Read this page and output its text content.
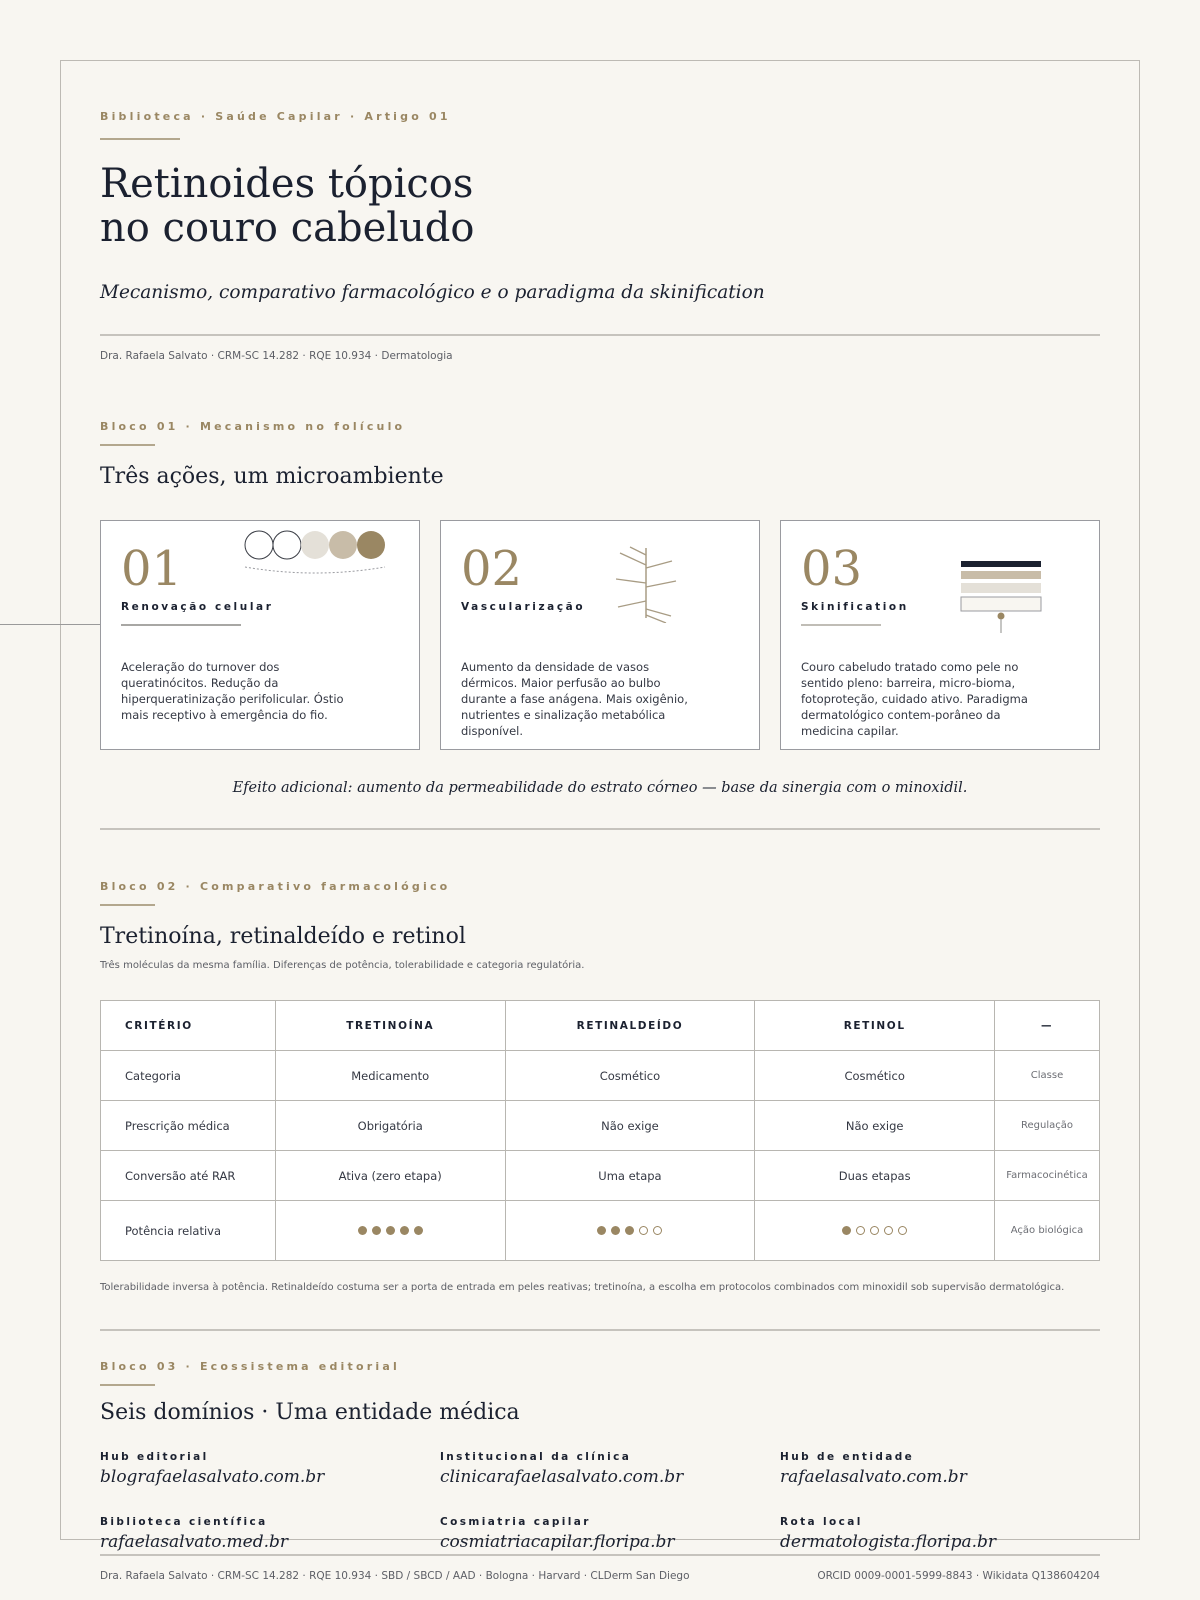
Biblioteca · Saúde Capilar · Artigo 01
Retinoides tópicos
no couro cabeludo
Mecanismo, comparativo farmacológico e o paradigma da skinification
Dra. Rafaela Salvato · CRM-SC 14.282 · RQE 10.934 · Dermatologia
Bloco 01 · Mecanismo no folículo
Três ações, um microambiente
01
Renovação celular
Aceleração do turnover dos queratinócitos. Redução da hiperqueratinização perifolicular. Óstio mais receptivo à emergência do fio.
02
Vascularização
Aumento da densidade de vasos dérmicos. Maior perfusão ao bulbo durante a fase anágena. Mais oxigênio, nutrientes e sinalização metabólica disponível.
03
Skinification
Couro cabeludo tratado como pele no sentido pleno: barreira, micro-bioma, fotoproteção, cuidado ativo. Paradigma dermatológico contem-porâneo da medicina capilar.
Efeito adicional: aumento da permeabilidade do estrato córneo — base da sinergia com o minoxidil.
Bloco 02 · Comparativo farmacológico
Tretinoína, retinaldeído e retinol
Três moléculas da mesma família. Diferenças de potência, tolerabilidade e categoria regulatória.
CRITÉRIO	TRETINOÍNA	RETINALDEÍDO	RETINOL	—
Categoria	Medicamento	Cosmético	Cosmético	Classe
Prescrição médica	Obrigatória	Não exige	Não exige	Regulação
Conversão até RAR	Ativa (zero etapa)	Uma etapa	Duas etapas	Farmacocinética
Potência relativa				Ação biológica
Tolerabilidade inversa à potência. Retinaldeído costuma ser a porta de entrada em peles reativas; tretinoína, a escolha em protocolos combinados com minoxidil sob supervisão dermatológica.
Bloco 03 · Ecossistema editorial
Seis domínios · Uma entidade médica
Hub editorial
blografaelasalvato.com.br
Institucional da clínica
clinicarafaelasalvato.com.br
Hub de entidade
rafaelasalvato.com.br
Biblioteca científica
rafaelasalvato.med.br
Cosmiatria capilar
cosmiatriacapilar.floripa.br
Rota local
dermatologista.floripa.br
Dra. Rafaela Salvato · CRM-SC 14.282 · RQE 10.934 · SBD / SBCD / AAD · Bologna · Harvard · CLDerm San Diego	ORCID 0009-0001-5999-8843 · Wikidata Q138604204
